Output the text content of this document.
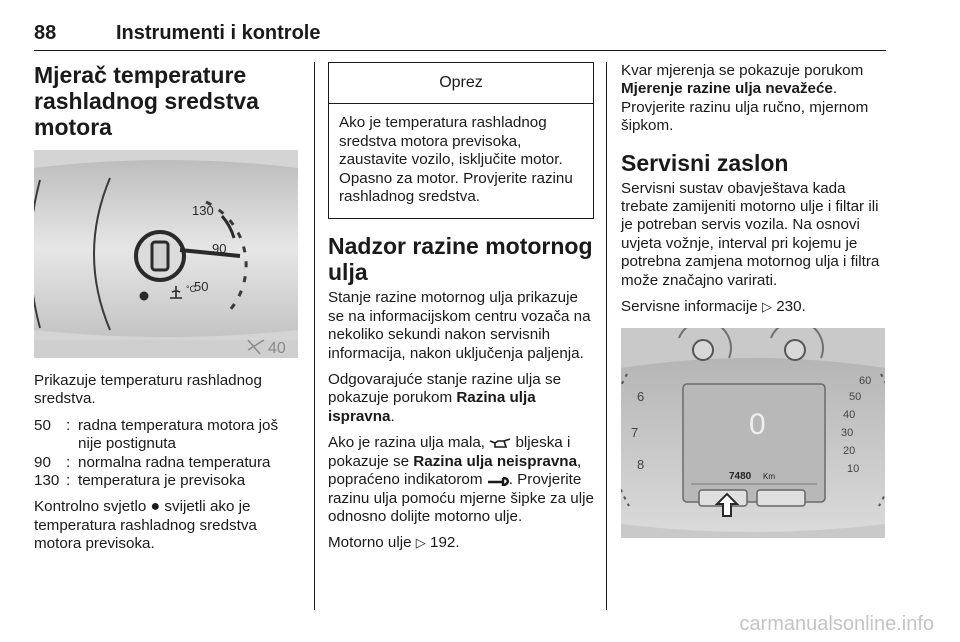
88	Instrumenti i kontrole
Mjerač temperature rashladnog sredstva motora
°C
130
90
50
40

Prikazuje temperaturu rashladnog sredstva.

50	:	radna temperatura motora još nije postignuta
90	:	normalna radna temperatura
130	:	temperatura je previsoka

Kontrolno svjetlo ● svijetli ako je temperatura rashladnog sredstva motora previsoka.

Oprez
Ako je temperatura rashladnog sredstva motora previsoka, zaustavite vozilo, isključite motor. Opasno za motor. Provjerite razinu rashladnog sredstva.
Nadzor razine motornog ulja

Stanje razine motornog ulja prikazuje se na informacijskom centru vozača na nekoliko sekundi nakon servisnih informacija, nakon uključenja paljenja.

Odgovarajuće stanje razine ulja se pokazuje porukom Razina ulja ispravna.

Ako je razina ulja mala,  bljeska i pokazuje se Razina ulja neispravna, popraćeno indikatorom . Provjerite razinu ulja pomoću mjerne šipke za ulje odnosno dolijte motorno ulje.

Motorno ulje ▷ 192.

Kvar mjerenja se pokazuje porukom Mjerenje razine ulja nevažeće.

Provjerite razinu ulja ručno, mjernom šipkom.

Servisni zaslon

Servisni sustav obavještava kada trebate zamijeniti motorno ulje i filtar ili je potreban servis vozila. Na osnovi uvjeta vožnje, interval pri kojemu je potrebna zamjena motornog ulja i filtra može značajno varirati.

Servisne informacije ▷ 230.

6
7
8
60
50
40
30
20
10
0
7480 Km
carmanualsonline.info
